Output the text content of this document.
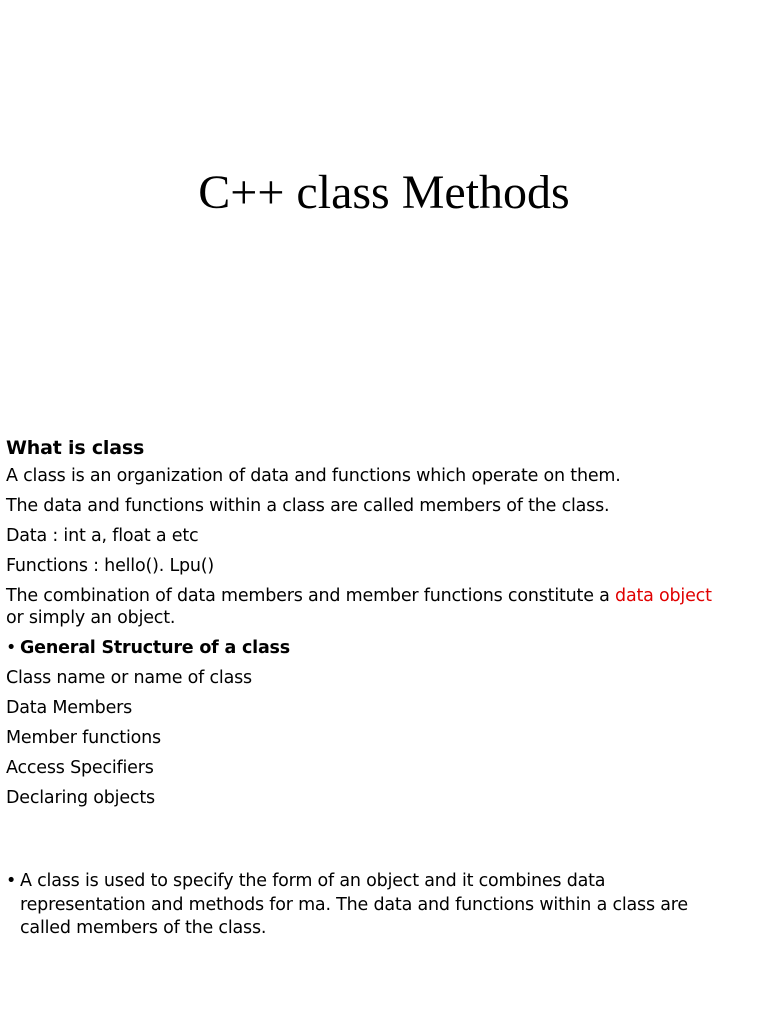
C++ class Methods
What is class
A class is an organization of data and functions which operate on them.
The data and functions within a class are called members of the class.
Data : int a, float a etc
Functions : hello(). Lpu()
The combination of data members and member functions constitute a data object
or simply an object.
• General Structure of a class
Class name or name of class
Data Members
Member functions
Access Specifiers
Declaring objects
• A class is used to specify the form of an object and it combines data representation and methods for ma. The data and functions within a class are called members of the class.
